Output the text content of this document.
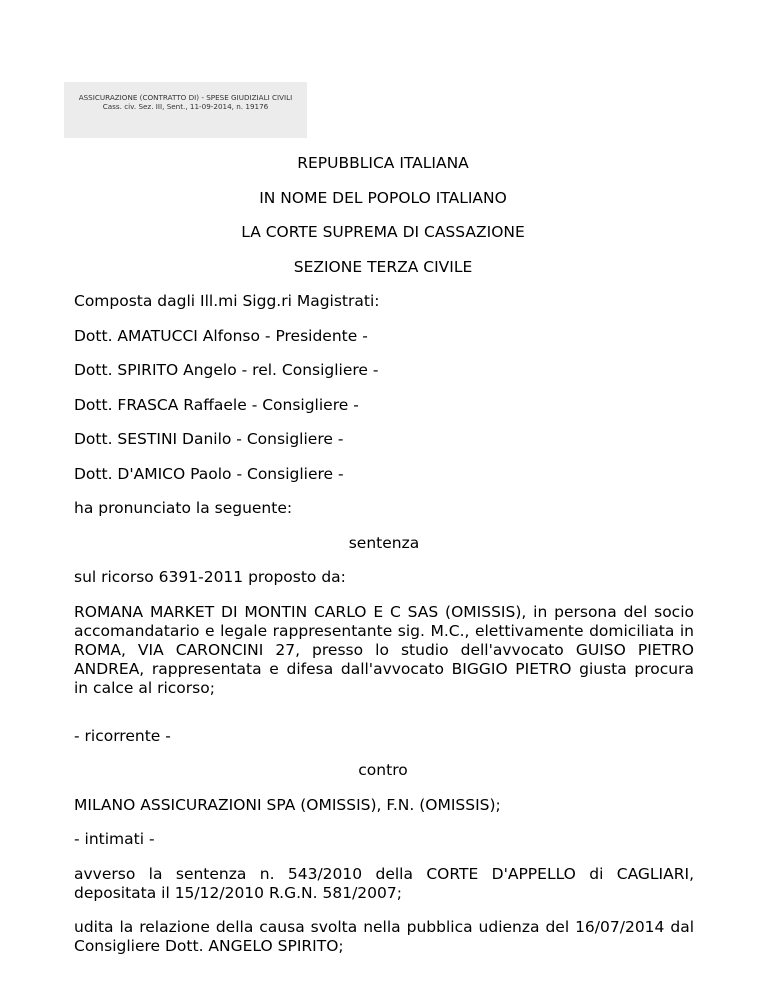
ASSICURAZIONE (CONTRATTO DI) - SPESE GIUDIZIALI CIVILI
Cass. civ. Sez. III, Sent., 11-09-2014, n. 19176
REPUBBLICA ITALIANA
IN NOME DEL POPOLO ITALIANO
LA CORTE SUPREMA DI CASSAZIONE
SEZIONE TERZA CIVILE
Composta dagli Ill.mi Sigg.ri Magistrati:
Dott. AMATUCCI Alfonso - Presidente -
Dott. SPIRITO Angelo - rel. Consigliere -
Dott. FRASCA Raffaele - Consigliere -
Dott. SESTINI Danilo - Consigliere -
Dott. D'AMICO Paolo - Consigliere -
ha pronunciato la seguente:
sentenza
sul ricorso 6391-2011 proposto da:
ROMANA MARKET DI MONTIN CARLO E C SAS (OMISSIS), in persona del socio
accomandatario e legale rappresentante sig. M.C., elettivamente domiciliata in
ROMA, VIA CARONCINI 27, presso lo studio dell'avvocato GUISO PIETRO
ANDREA, rappresentata e difesa dall'avvocato BIGGIO PIETRO giusta procura
in calce al ricorso;
- ricorrente -
contro
MILANO ASSICURAZIONI SPA (OMISSIS), F.N. (OMISSIS);
- intimati -
avverso la sentenza n. 543/2010 della CORTE D'APPELLO di CAGLIARI,
depositata il 15/12/2010 R.G.N. 581/2007;
udita la relazione della causa svolta nella pubblica udienza del 16/07/2014 dal
Consigliere Dott. ANGELO SPIRITO;
